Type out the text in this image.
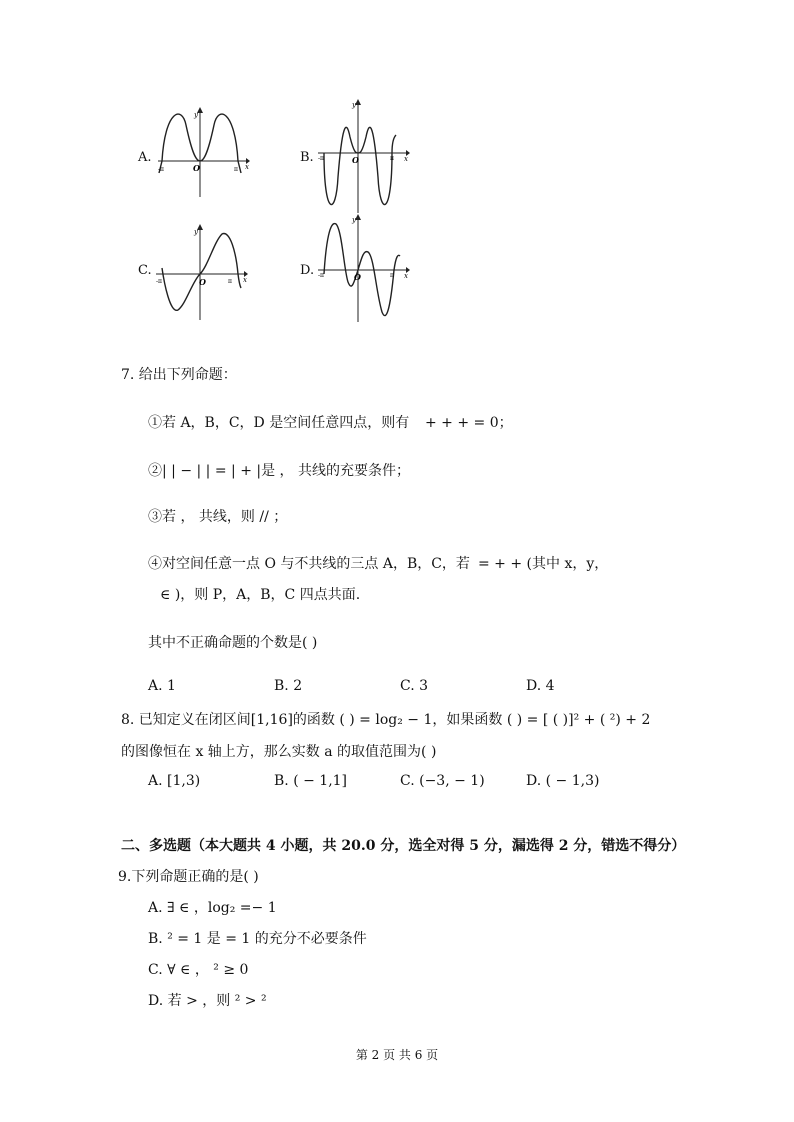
A.
y
x
O
-π	π
B.
y
x
O
-π	π
C.
y
x
O
-π	π
D.
y
x
O
-π	π
7. 给出下列命题：
①若 A，B，C，D 是空间任意四点，则有 + + + = 0；
②| | − | | = | + |是 ， 共线的充要条件；
③若 ， 共线，则 // ；
④对空间任意一点 O 与不共线的三点 A，B，C，若 = + + (其中 x，y，
∈ )，则 P，A，B，C 四点共面.
其中不正确命题的个数是( )
A. 1	B. 2	C. 3	D. 4
8. 已知定义在闭区间[1,16]的函数 ( ) = log₂ − 1，如果函数 ( ) = [ ( )]² + ( ²) + 2
的图像恒在 x 轴上方，那么实数 a 的取值范围为( )
A. [1,3)	B. ( − 1,1]	C. (−3, − 1)	D. ( − 1,3)
二、多选题（本大题共 4 小题，共 20.0 分，选全对得 5 分，漏选得 2 分，错选不得分）
9.下列命题正确的是( )
A. ∃ ∈ ，log₂ =− 1
B. ² = 1 是 = 1 的充分不必要条件
C. ∀ ∈ ， ² ≥ 0
D. 若 > ，则 ² > ²
第 2 页 共 6 页
